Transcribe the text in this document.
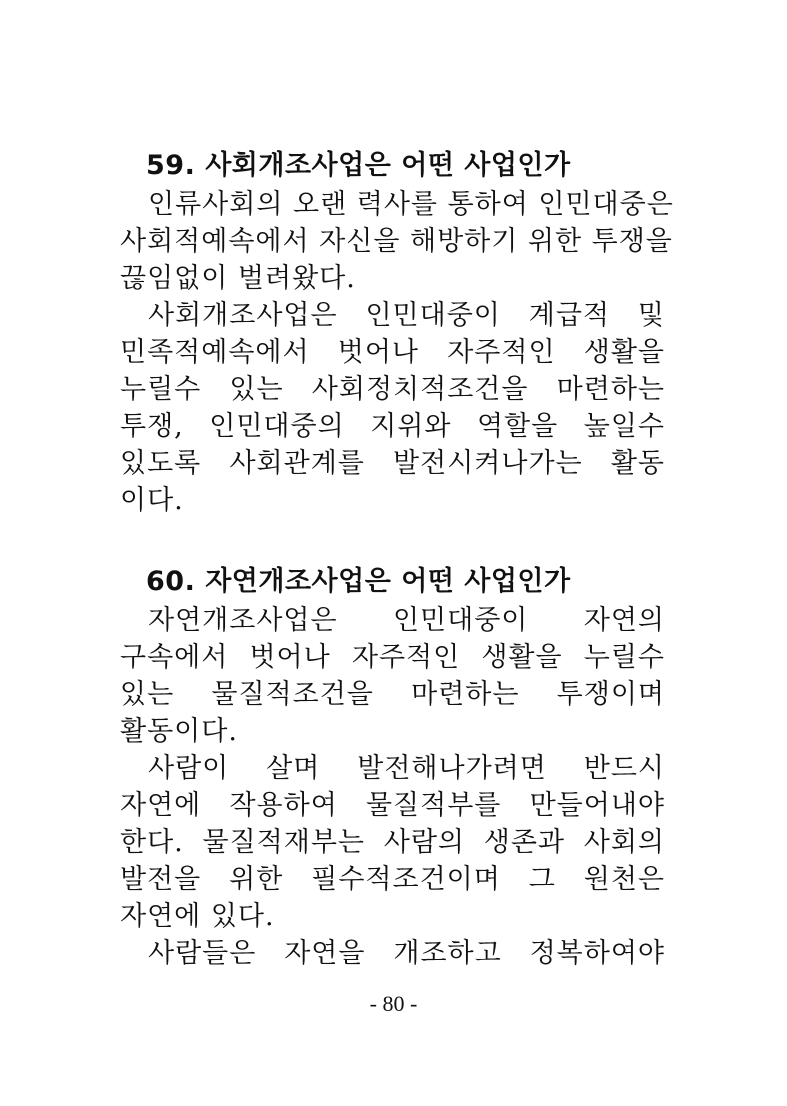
59. 사회개조사업은 어떤 사업인가
인류사회의 오랜 력사를 통하여 인민대중은
사회적예속에서 자신을 해방하기 위한 투쟁을
끊임없이 벌려왔다.
사회개조사업은 인민대중이 계급적 및
민족적예속에서 벗어나 자주적인 생활을
누릴수 있는 사회정치적조건을 마련하는
투쟁, 인민대중의 지위와 역할을 높일수
있도록 사회관계를 발전시켜나가는 활동
이다.
60. 자연개조사업은 어떤 사업인가
자연개조사업은 인민대중이 자연의
구속에서 벗어나 자주적인 생활을 누릴수
있는 물질적조건을 마련하는 투쟁이며
활동이다.
사람이 살며 발전해나가려면 반드시
자연에 작용하여 물질적부를 만들어내야
한다. 물질적재부는 사람의 생존과 사회의
발전을 위한 필수적조건이며 그 원천은
자연에 있다.
사람들은 자연을 개조하고 정복하여야
- 80 -
